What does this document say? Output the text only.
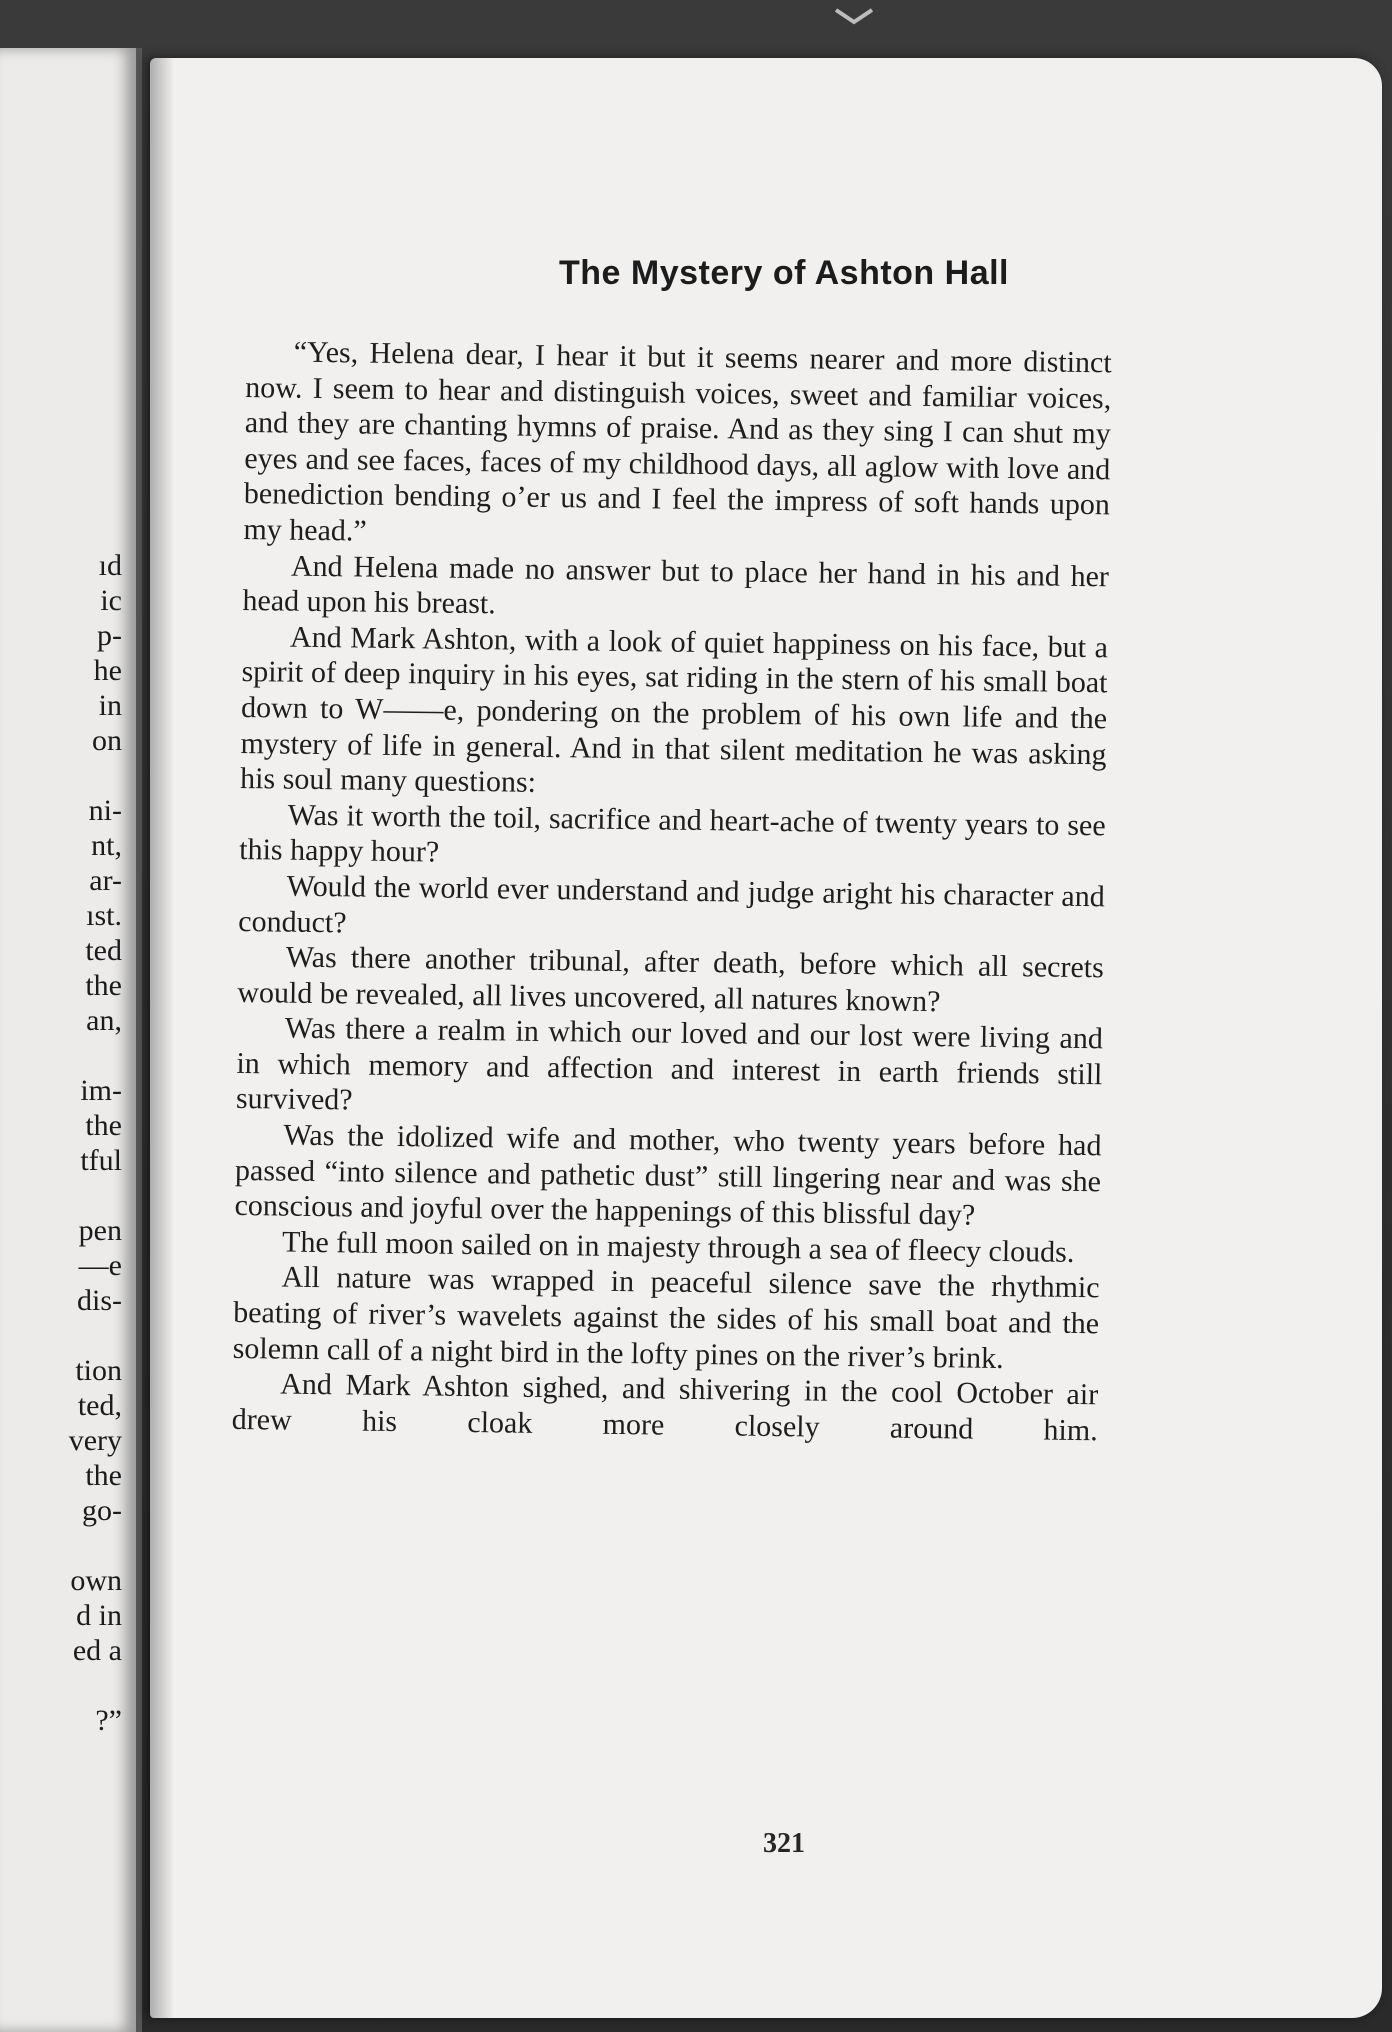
ıd
ic
p-
he
in
on
ni-
nt,
ar-
ıst.
ted
the
an,
im-
the
tful
pen
—e
dis-
tion
ted,
very
the
go-
own
d in
ed a
?”
The Mystery of Ashton Hall

“Yes, Helena dear, I hear it but it seems nearer and more distinct now. I seem to hear and distinguish voices, sweet and familiar voices, and they are chanting hymns of praise. And as they sing I can shut my eyes and see faces, faces of my childhood days, all aglow with love and benediction bending o’er us and I feel the impress of soft hands upon my head.”

And Helena made no answer but to place her hand in his and her head upon his breast.

And Mark Ashton, with a look of quiet happiness on his face, but a spirit of deep inquiry in his eyes, sat riding in the stern of his small boat down to W——e, pondering on the problem of his own life and the mystery of life in general. And in that silent meditation he was asking his soul many questions:

Was it worth the toil, sacrifice and heart-ache of twenty years to see this happy hour?

Would the world ever understand and judge aright his character and conduct?

Was there another tribunal, after death, before which all secrets would be revealed, all lives uncovered, all natures known?

Was there a realm in which our loved and our lost were living and in which memory and affection and interest in earth friends still survived?

Was the idolized wife and mother, who twenty years before had passed “into silence and pathetic dust” still lingering near and was she conscious and joyful over the happenings of this blissful day?

The full moon sailed on in majesty through a sea of fleecy clouds.

All nature was wrapped in peaceful silence save the rhythmic beating of river’s wavelets against the sides of his small boat and the solemn call of a night bird in the lofty pines on the river’s brink.

And Mark Ashton sighed, and shivering in the cool October air drew his cloak more closely around him.

321
